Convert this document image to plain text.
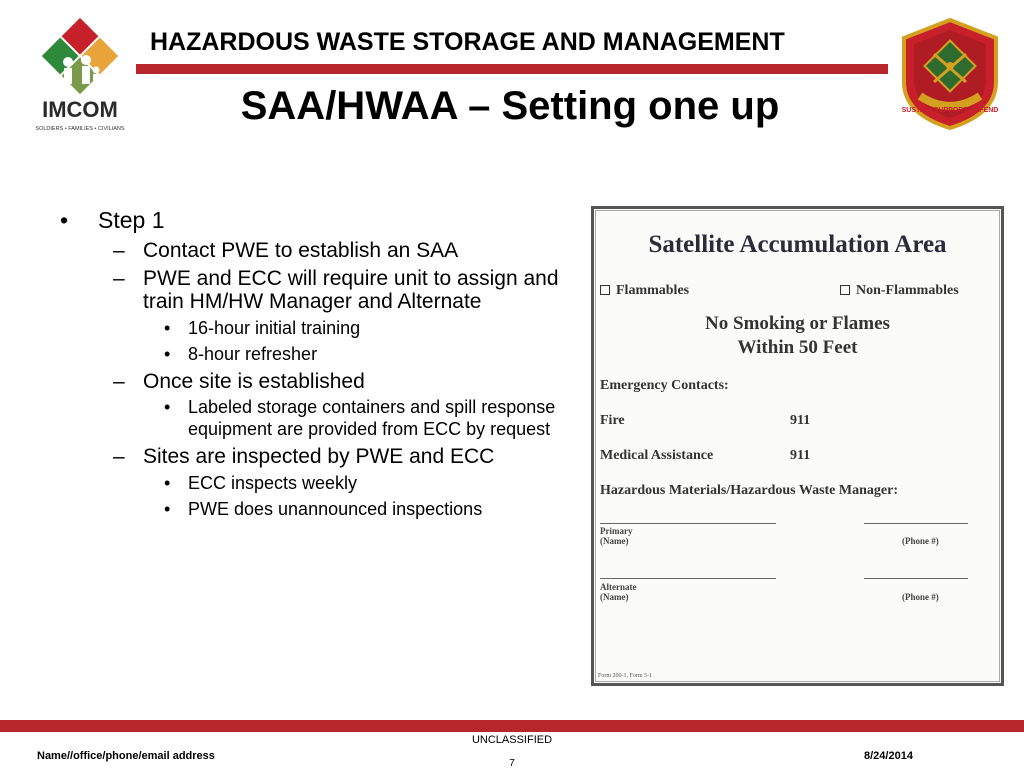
IMCOM
SOLDIERS • FAMILIES • CIVILIANS
HAZARDOUS WASTE STORAGE AND MANAGEMENT
SAA/HWAA – Setting one up	SUSTAIN SUPPORT DEFEND
• Step 1
– Contact PWE to establish an SAA
– PWE and ECC will require unit to assign and train HM/HW Manager and Alternate
• 16-hour initial training
• 8-hour refresher
– Once site is established
• Labeled storage containers and spill response equipment are provided from ECC by request
– Sites are inspected by PWE and ECC
• ECC inspects weekly
• PWE does unannounced inspections
Satellite Accumulation Area
Flammables	Non-Flammables
No Smoking or Flames
Within 50 Feet
Emergency Contacts:
Fire	911
Medical Assistance	911
Hazardous Materials/Hazardous Waste Manager:
Primary
(Name)	(Phone #)
Alternate
(Name)	(Phone #)
Form 200-1, Form 5-1
Name//office/phone/email address
UNCLASSIFIED
7
8/24/2014
